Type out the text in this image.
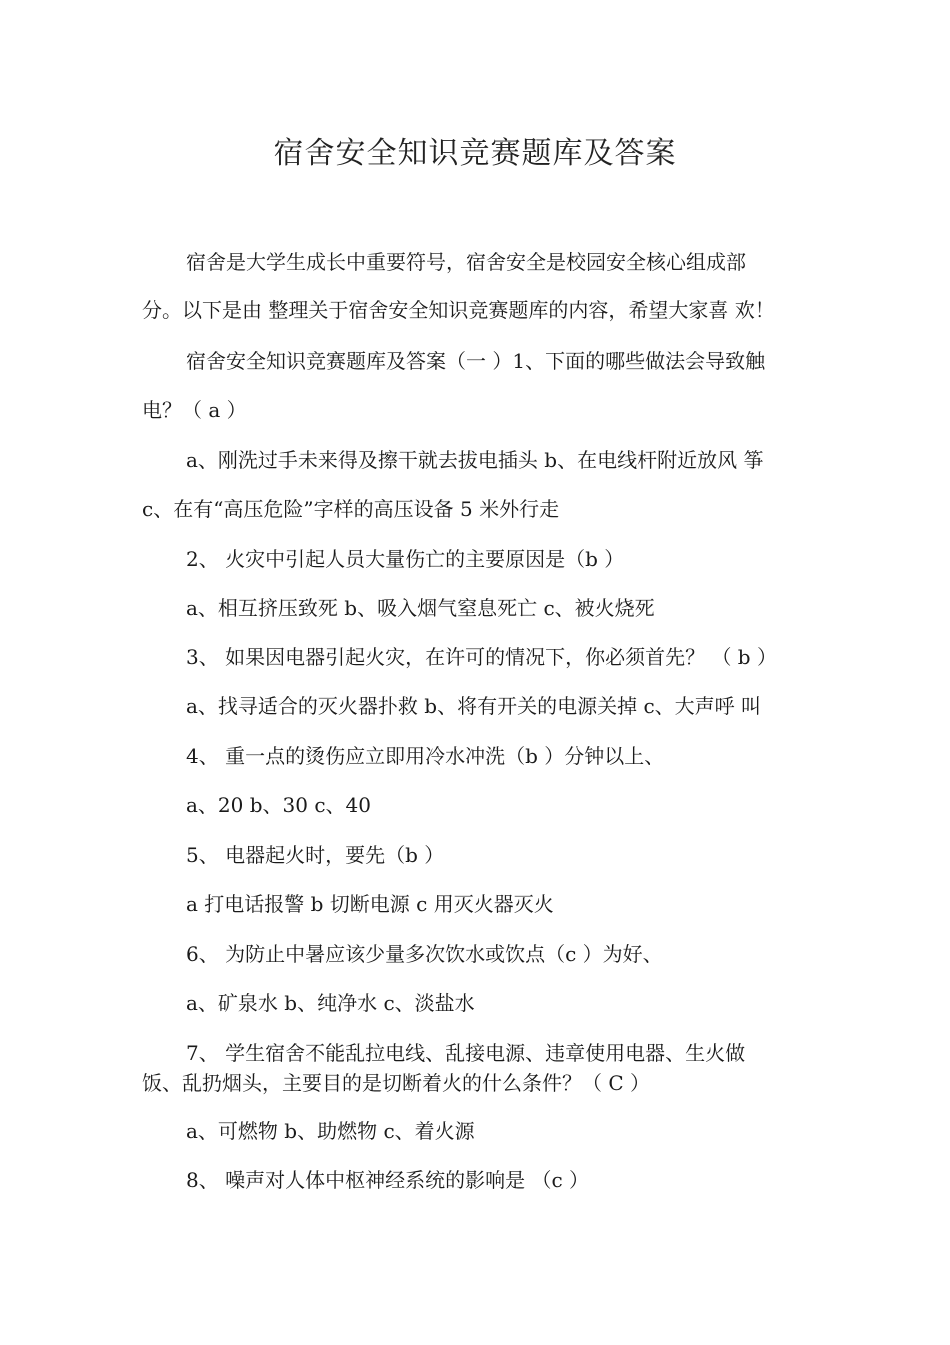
宿舍安全知识竞赛题库及答案
宿舍是大学生成长中重要符号，宿舍安全是校园安全核心组成部
分。以下是由 整理关于宿舍安全知识竞赛题库的内容，希望大家喜 欢！
宿舍安全知识竞赛题库及答案（一 ）1、下面的哪些做法会导致触
电？（ a ）
a、刚洗过手未来得及擦干就去拔电插头 b、在电线杆附近放风 筝
c、在有“高压危险”字样的高压设备 5 米外行走
2、 火灾中引起人员大量伤亡的主要原因是（b ）
a、相互挤压致死 b、吸入烟气窒息死亡 c、被火烧死
3、 如果因电器引起火灾，在许可的情况下，你必须首先？ （ b ）
a、找寻适合的灭火器扑救 b、将有开关的电源关掉 c、大声呼 叫
4、 重一点的烫伤应立即用冷水冲洗（b ）分钟以上、
a、20 b、30 c、40
5、 电器起火时，要先（b ）
a 打电话报警 b 切断电源 c 用灭火器灭火
6、 为防止中暑应该少量多次饮水或饮点（c ）为好、
a、矿泉水 b、纯净水 c、淡盐水
7、 学生宿舍不能乱拉电线、乱接电源、违章使用电器、生火做
饭、乱扔烟头，主要目的是切断着火的什么条件？（ C ）
a、可燃物 b、助燃物 c、着火源
8、 噪声对人体中枢神经系统的影响是 （c ）
